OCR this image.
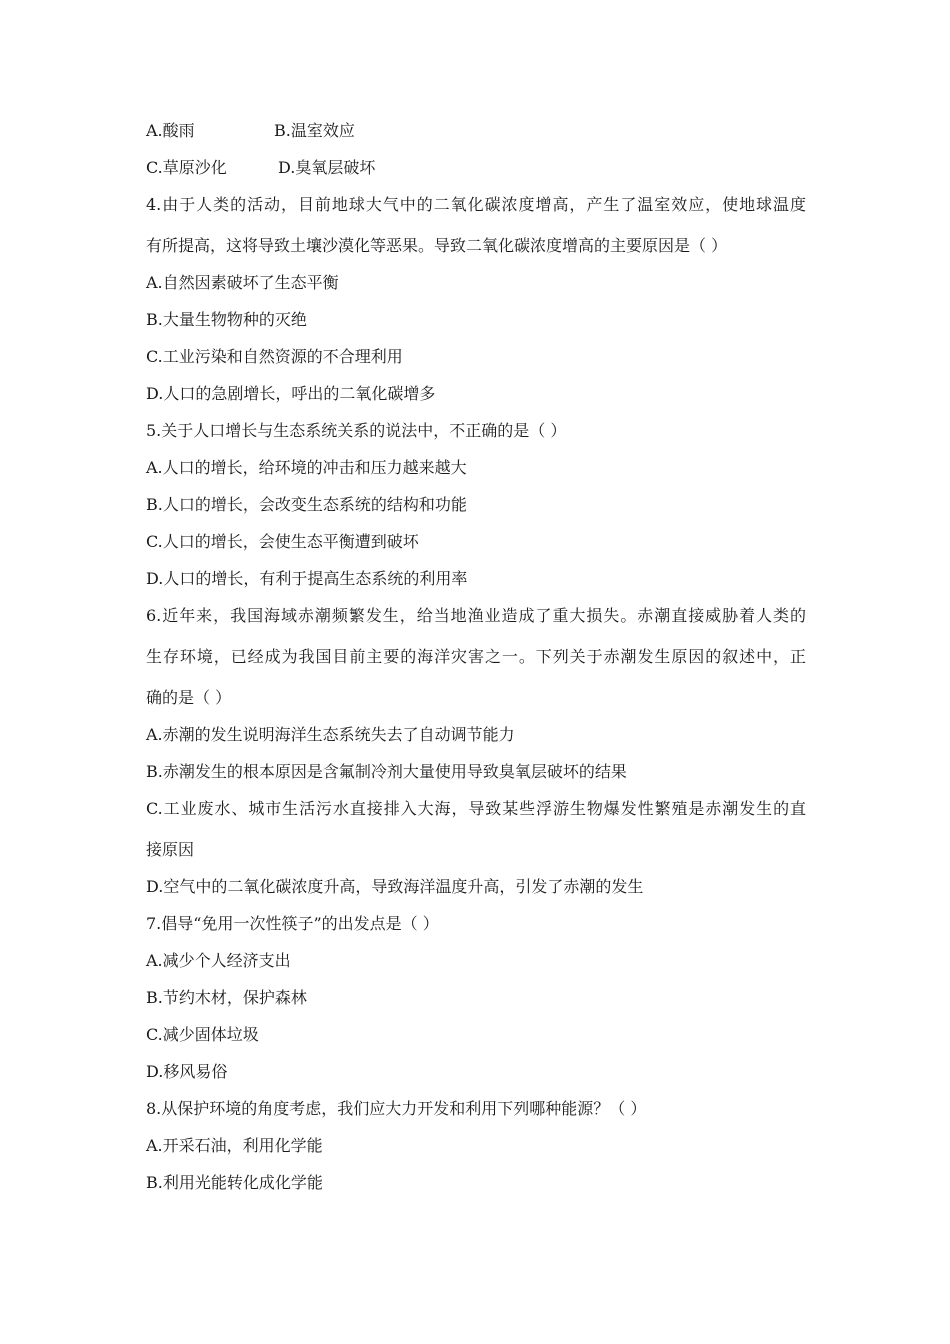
A.酸雨	B.温室效应
C.草原沙化	D.臭氧层破坏
4.由于人类的活动，目前地球大气中的二氧化碳浓度增高，产生了温室效应，使地球温度
有所提高，这将导致土壤沙漠化等恶果。导致二氧化碳浓度增高的主要原因是（ ）
A.自然因素破坏了生态平衡
B.大量生物物种的灭绝
C.工业污染和自然资源的不合理利用
D.人口的急剧增长，呼出的二氧化碳增多
5.关于人口增长与生态系统关系的说法中，不正确的是（ ）
A.人口的增长，给环境的冲击和压力越来越大
B.人口的增长，会改变生态系统的结构和功能
C.人口的增长，会使生态平衡遭到破坏
D.人口的增长，有利于提高生态系统的利用率
6.近年来，我国海域赤潮频繁发生，给当地渔业造成了重大损失。赤潮直接威胁着人类的
生存环境，已经成为我国目前主要的海洋灾害之一。下列关于赤潮发生原因的叙述中，正
确的是（ ）
A.赤潮的发生说明海洋生态系统失去了自动调节能力
B.赤潮发生的根本原因是含氟制冷剂大量使用导致臭氧层破坏的结果
C.工业废水、城市生活污水直接排入大海，导致某些浮游生物爆发性繁殖是赤潮发生的直
接原因
D.空气中的二氧化碳浓度升高，导致海洋温度升高，引发了赤潮的发生
7.倡导“免用一次性筷子”的出发点是（ ）
A.减少个人经济支出
B.节约木材，保护森林
C.减少固体垃圾
D.移风易俗
8.从保护环境的角度考虑，我们应大力开发和利用下列哪种能源？（ ）
A.开采石油，利用化学能
B.利用光能转化成化学能
